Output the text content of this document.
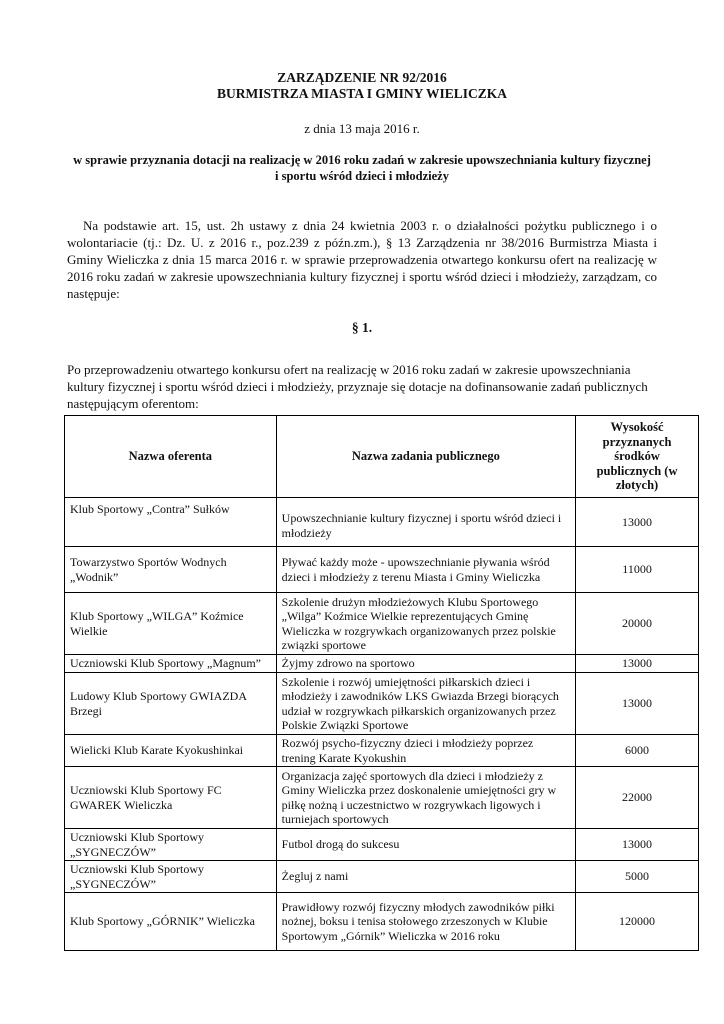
ZARZĄDZENIE NR 92/2016
BURMISTRZA MIASTA I GMINY WIELICZKA
z dnia 13 maja 2016 r.
w sprawie przyznania dotacji na realizację w 2016 roku zadań w zakresie upowszechniania kultury fizycznej i sportu wśród dzieci i młodzieży
Na podstawie art. 15, ust. 2h ustawy z dnia 24 kwietnia 2003 r. o działalności pożytku publicznego i o wolontariacie (tj.: Dz. U. z 2016 r., poz.239 z późn.zm.), § 13 Zarządzenia nr 38/2016 Burmistrza Miasta i Gminy Wieliczka z dnia 15 marca 2016 r. w sprawie przeprowadzenia otwartego konkursu ofert na realizację w 2016 roku zadań w zakresie upowszechniania kultury fizycznej i sportu wśród dzieci i młodzieży, zarządzam, co następuje:
§ 1.
Po przeprowadzeniu otwartego konkursu ofert na realizację w 2016 roku zadań w zakresie upowszechniania kultury fizycznej i sportu wśród dzieci i młodzieży, przyznaje się dotacje na dofinansowanie zadań publicznych następującym oferentom:
Nazwa oferenta	Nazwa zadania publicznego	Wysokość przyznanych środków publicznych (w złotych)
Klub Sportowy „Contra” Sułków	Upowszechnianie kultury fizycznej i sportu wśród dzieci i młodzieży	13000
Towarzystwo Sportów Wodnych „Wodnik”	Pływać każdy może - upowszechnianie pływania wśród dzieci i młodzieży z terenu Miasta i Gminy Wieliczka	11000
Klub Sportowy „WILGA” Koźmice Wielkie	Szkolenie drużyn młodzieżowych Klubu Sportowego „Wilga” Koźmice Wielkie reprezentujących Gminę Wieliczka w rozgrywkach organizowanych przez polskie związki sportowe	20000
Uczniowski Klub Sportowy „Magnum”	Żyjmy zdrowo na sportowo	13000
Ludowy Klub Sportowy GWIAZDA Brzegi	Szkolenie i rozwój umiejętności piłkarskich dzieci i młodzieży i zawodników LKS Gwiazda Brzegi biorących udział w rozgrywkach piłkarskich organizowanych przez Polskie Związki Sportowe	13000
Wielicki Klub Karate Kyokushinkai	Rozwój psycho-fizyczny dzieci i młodzieży poprzez trening Karate Kyokushin	6000
Uczniowski Klub Sportowy FC GWAREK Wieliczka	Organizacja zajęć sportowych dla dzieci i młodzieży z Gminy Wieliczka przez doskonalenie umiejętności gry w piłkę nożną i uczestnictwo w rozgrywkach ligowych i turniejach sportowych	22000
Uczniowski Klub Sportowy „SYGNECZÓW”	Futbol drogą do sukcesu	13000
Uczniowski Klub Sportowy „SYGNECZÓW”	Żegluj z nami	5000
Klub Sportowy „GÓRNIK” Wieliczka	Prawidłowy rozwój fizyczny młodych zawodników piłki nożnej, boksu i tenisa stołowego zrzeszonych w Klubie Sportowym „Górnik” Wieliczka w 2016 roku	120000
